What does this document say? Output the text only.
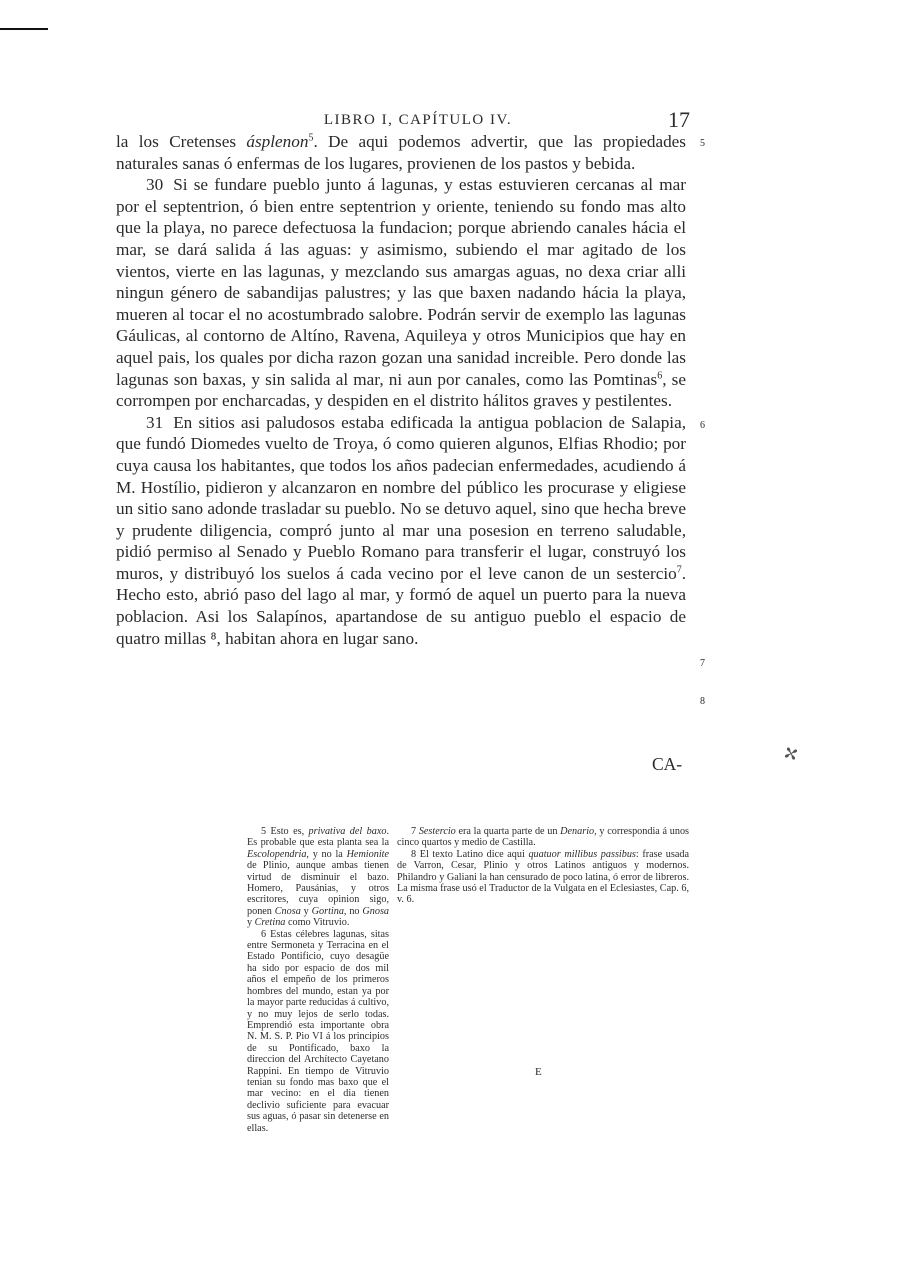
LIBRO I, CAPÍTULO IV.	17

la los Cretenses ásplenon$^5$. De aqui podemos advertir, que las propiedades naturales sanas ó enfermas de los lugares, provienen de los pastos y bebida.

30 Si se fundare pueblo junto á lagunas, y estas estuvieren cercanas al mar por el septentrion, ó bien entre septentrion y oriente, teniendo su fondo mas alto que la playa, no parece defectuosa la fundacion; porque abriendo canales hácia el mar, se dará salida á las aguas: y asimismo, subiendo el mar agitado de los vientos, vierte en las lagunas, y mezclando sus amargas aguas, no dexa criar alli ningun género de sabandijas palustres; y las que baxen nadando hácia la playa, mueren al tocar el no acostumbrado salobre. Podrán servir de exemplo las lagunas Gáulicas, al contorno de Altíno, Ravena, Aquileya y otros Municipios que hay en aquel pais, los quales por dicha razon gozan una sanidad increible. Pero donde las lagunas son baxas, y sin salida al mar, ni aun por canales, como las Pomtinas$^6$, se corrompen por encharcadas, y despiden en el distrito hálitos graves y pestilentes.

31 En sitios asi paludosos estaba edificada la antigua poblacion de Salapia, que fundó Diomedes vuelto de Troya, ó como quieren algunos, Elfias Rhodio; por cuya causa los habitantes, que todos los años padecian enfermedades, acudiendo á M. Hostílio, pidieron y alcanzaron en nombre del público les procurase y eligiese un sitio sano adonde trasladar su pueblo. No se detuvo aquel, sino que hecha breve y prudente diligencia, compró junto al mar una posesion en terreno saludable, pidió permiso al Senado y Pueblo Romano para transferir el lugar, construyó los muros, y distribuyó los suelos á cada vecino por el leve canon de un sestercio$^7$. Hecho esto, abrió paso del lago al mar, y formó de aquel un puerto para la nueva poblacion. Asi los Salapínos, apartandose de su antiguo pueblo el espacio de quatro millas ⁸, habitan ahora en lugar sano.

5
6
7
8
CA-	✢

5 Esto es, privativa del baxo. Es probable que esta planta sea la Escolopendria, y no la Hemionite de Plinio, aunque ambas tienen virtud de disminuir el bazo. Homero, Pausánias, y otros escritores, cuya opinion sigo, ponen Cnosa y Gortina, no Gnosa y Cretina como Vitruvio.

6 Estas célebres lagunas, sitas entre Sermoneta y Terracina en el Estado Pontificio, cuyo desagüe ha sido por espacio de dos mil años el empeño de los primeros hombres del mundo, estan ya por la mayor parte reducidas á cultivo, y no muy lejos de serlo todas. Emprendió esta importante obra N. M. S. P. Pio VI á los principios de su Pontificado, baxo la direccion del Archítecto Cayetano Rappini. En tiempo de Vitruvio tenian su fondo mas baxo que el mar vecino: en el dia tienen declivio suficiente para evacuar sus aguas, ó pasar sin detenerse en ellas.

7 Sestercio era la quarta parte de un Denario, y correspondia á unos cinco quartos y medio de Castilla.

8 El texto Latino dice aqui quatuor millibus passibus: frase usada de Varron, Cesar, Plinio y otros Latinos antiguos y modernos. Philandro y Galiani la han censurado de poco latina, ó error de libreros. La misma frase usó el Traductor de la Vulgata en el Eclesiastes, Cap. 6, v. 6.

E
